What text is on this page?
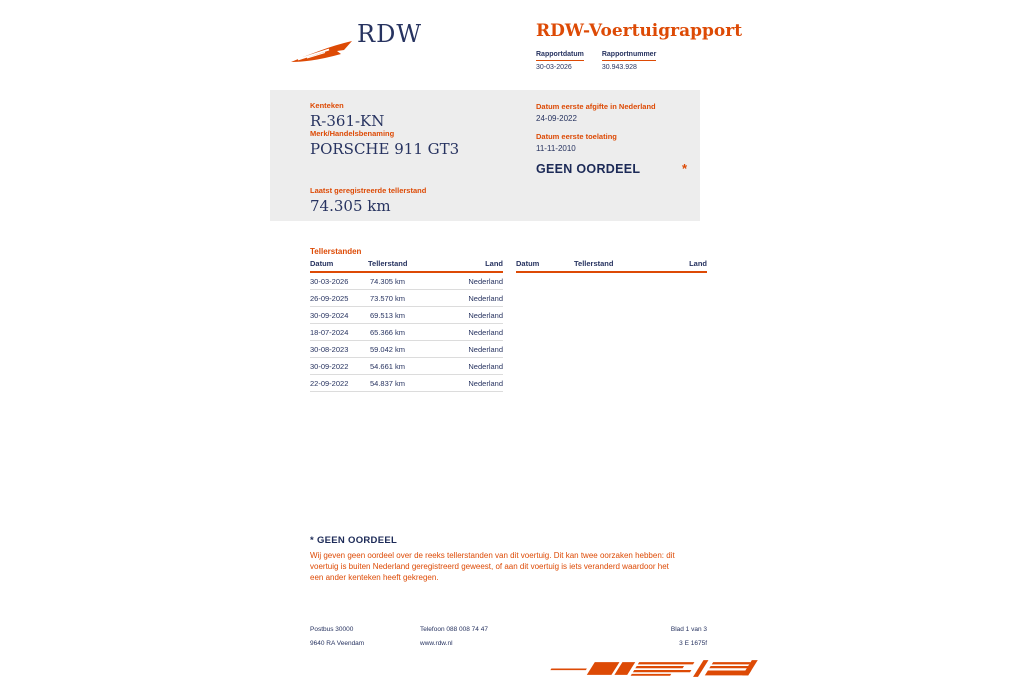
RDW	RDW-Voertuigrapport
Rapportdatum
30-03-2026
Rapportnummer
30.943.928
Kenteken
R-361-KN
Merk/Handelsbenaming
PORSCHE 911 GT3
Laatst geregistreerde tellerstand
74.305 km
Datum eerste afgifte in Nederland
24-09-2022
Datum eerste toelating
11-11-2010
GEEN OORDEEL	*
Tellerstanden
Datum	Tellerstand	Land
30-03-2026	74.305 km	Nederland
26-09-2025	73.570 km	Nederland
30-09-2024	69.513 km	Nederland
18-07-2024	65.366 km	Nederland
30-08-2023	59.042 km	Nederland
30-09-2022	54.661 km	Nederland
22-09-2022	54.837 km	Nederland
Datum	Tellerstand	Land
* GEEN OORDEEL

Wij geven geen oordeel over de reeks tellerstanden van dit voertuig. Dit kan twee oorzaken hebben: dit voertuig is buiten Nederland geregistreerd geweest, of aan dit voertuig is iets veranderd waardoor het een ander kenteken heeft gekregen.

Postbus 30000
9640 RA Veendam
Telefoon 088 008 74 47
www.rdw.nl
Blad 1 van 3
3 E 1675f
